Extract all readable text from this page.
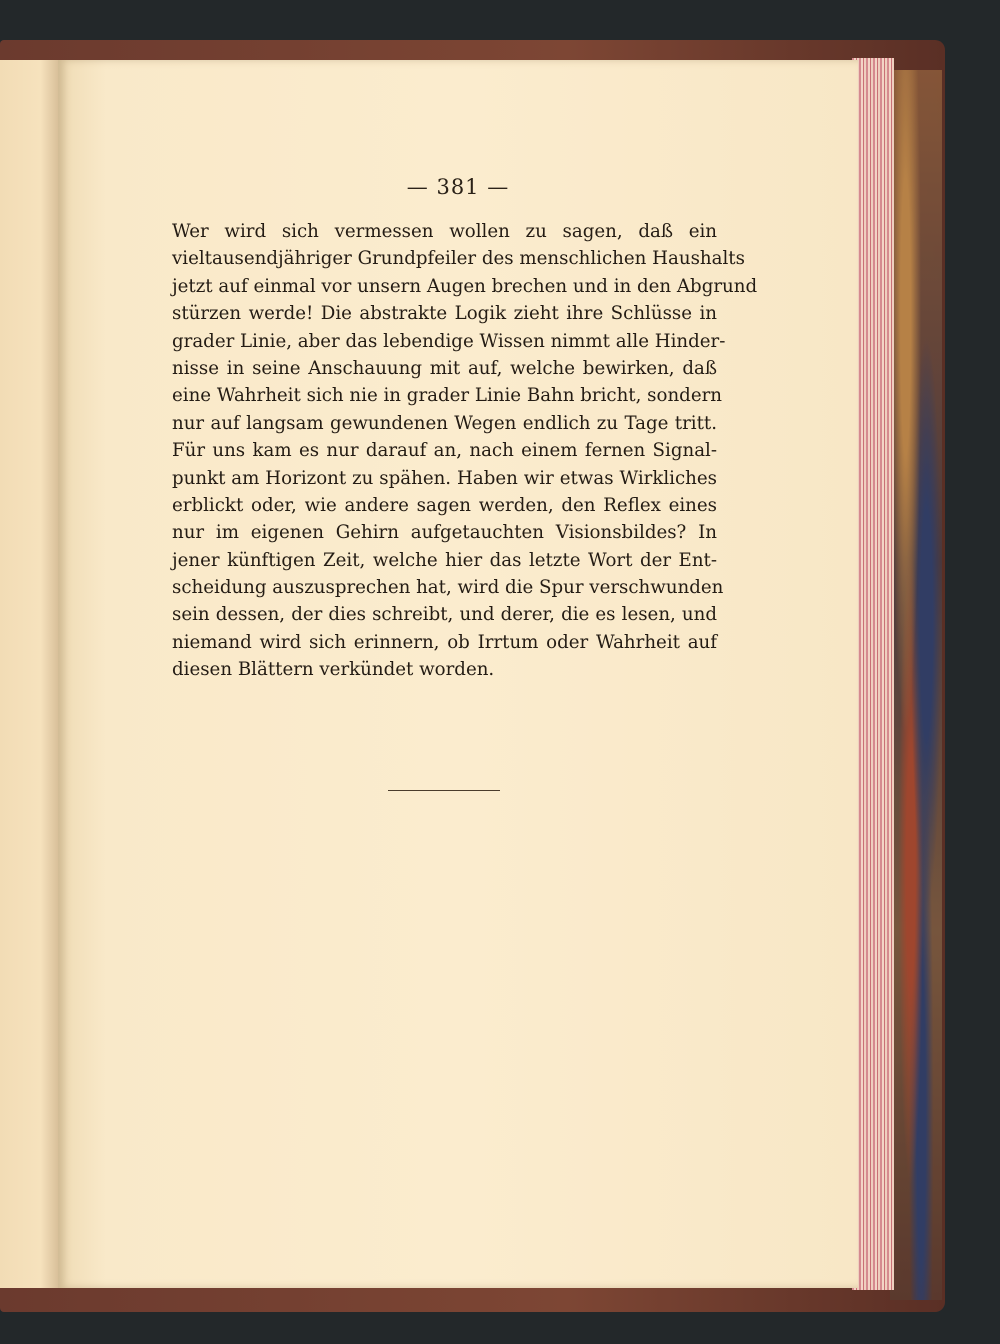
— 381 —
Wer wird sich vermessen wollen zu sagen, daß ein
vieltausendjähriger Grundpfeiler des menschlichen Haushalts
jetzt auf einmal vor unsern Augen brechen und in den Abgrund
stürzen werde! Die abstrakte Logik zieht ihre Schlüsse in
grader Linie, aber das lebendige Wissen nimmt alle Hinder-
nisse in seine Anschauung mit auf, welche bewirken, daß
eine Wahrheit sich nie in grader Linie Bahn bricht, sondern
nur auf langsam gewundenen Wegen endlich zu Tage tritt.
Für uns kam es nur darauf an, nach einem fernen Signal-
punkt am Horizont zu spähen. Haben wir etwas Wirkliches
erblickt oder, wie andere sagen werden, den Reflex eines
nur im eigenen Gehirn aufgetauchten Visionsbildes? In
jener künftigen Zeit, welche hier das letzte Wort der Ent-
scheidung auszusprechen hat, wird die Spur verschwunden
sein dessen, der dies schreibt, und derer, die es lesen, und
niemand wird sich erinnern, ob Irrtum oder Wahrheit auf
diesen Blättern verkündet worden.
